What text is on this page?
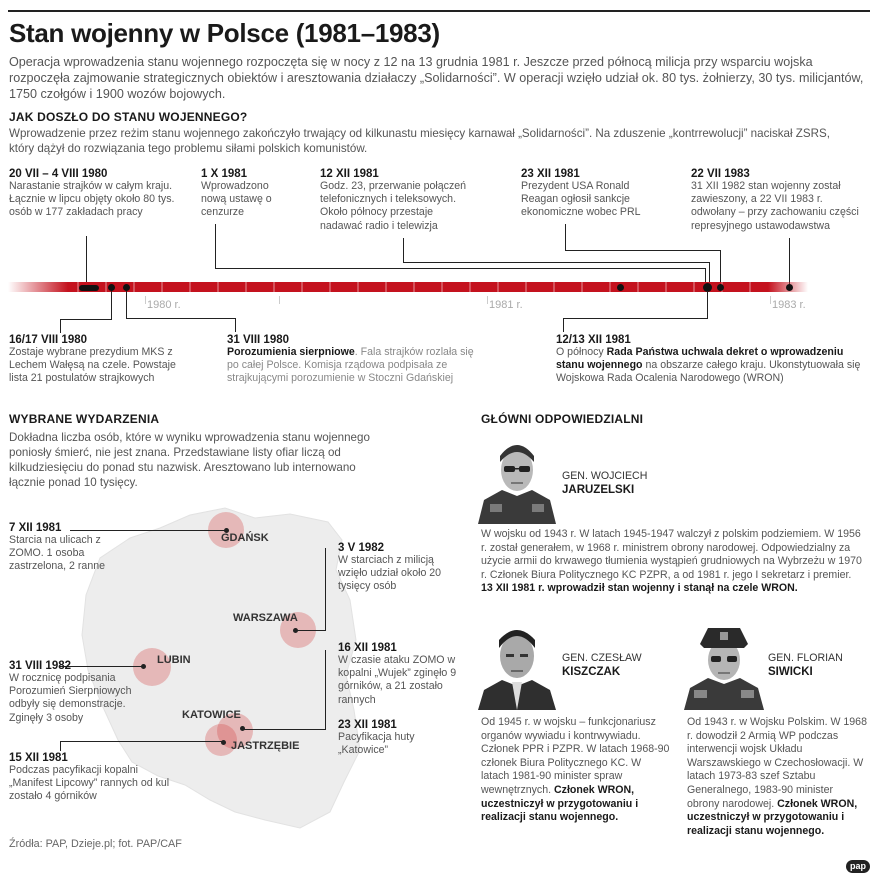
Stan wojenny w Polsce (1981–1983)
Operacja wprowadzenia stanu wojennego rozpoczęta się w nocy z 12 na 13 grudnia 1981 r. Jeszcze przed północą milicja przy wsparciu wojska rozpoczęła zajmowanie strategicznych obiektów i aresztowania działaczy „Solidarności”. W operacji wzięło udział ok. 80 tys. żołnierzy, 30 tys. milicjantów, 1750 czołgów i 1900 wozów bojowych.
JAK DOSZŁO DO STANU WOJENNEGO?
Wprowadzenie przez reżim stanu wojennego zakończyło trwający od kilkunastu miesięcy karnawał „Solidarności”. Na zduszenie „kontrrewolucji” naciskał ZSRS, który dążył do rozwiązania tego problemu siłami polskich komunistów.
20 VII – 4 VIII 1980
Narastanie strajków w całym kraju. Łącznie w lipcu objęty około 80 tys. osób w 177 zakładach pracy
1 X 1981
Wprowadzono nową ustawę o cenzurze
12 XII 1981
Godz. 23, przerwanie połączeń telefonicznych i teleksowych. Około północy przestaje nadawać radio i telewizja
23 XII 1981
Prezydent USA Ronald Reagan ogłosił sankcje ekonomiczne wobec PRL
22 VII 1983
31 XII 1982 stan wojenny został zawieszony, a 22 VII 1983 r. odwołany – przy zachowaniu części represyjnego ustawodawstwa
1980 r.	1981 r.	1983 r.
16/17 VIII 1980
Zostaje wybrane prezydium MKS z Lechem Wałęsą na czele. Powstaje lista 21 postulatów strajkowych
31 VIII 1980
Porozumienia sierpniowe. Fala strajków rozlała się po całej Polsce. Komisja rządowa podpisała ze strajkującymi porozumienie w Stoczni Gdańskiej
12/13 XII 1981
O północy Rada Państwa uchwala dekret o wprowadzeniu stanu wojennego na obszarze całego kraju. Ukonstytuowała się Wojskowa Rada Ocalenia Narodowego (WRON)
WYBRANE WYDARZENIA
Dokładna liczba osób, które w wyniku wprowadzenia stanu wojennego poniosły śmierć, nie jest znana. Przedstawiane listy ofiar liczą od kilkudziesięciu do ponad stu nazwisk. Aresztowano lub internowano łącznie ponad 10 tysięcy.
GDAŃSK
WARSZAWA
LUBIN
KATOWICE
JASTRZĘBIE
7 XII 1981
Starcia na ulicach z ZOMO. 1 osoba zastrzelona, 2 ranne
3 V 1982
W starciach z milicją wzięło udział około 20 tysięcy osób
31 VIII 1982
W rocznicę podpisania Porozumień Sierpniowych odbyły się demonstracje. Zginęły 3 osoby
16 XII 1981
W czasie ataku ZOMO w kopalni „Wujek” zginęło 9 górników, a 21 zostało rannych
23 XII 1981
Pacyfikacja huty „Katowice”
15 XII 1981
Podczas pacyfikacji kopalni „Manifest Lipcowy” rannych od kul zostało 4 górników
GŁÓWNI ODPOWIEDZIALNI
GEN. WOJCIECH
JARUZELSKI
W wojsku od 1943 r. W latach 1945-1947 walczył z polskim podziemiem. W 1956 r. został generałem, w 1968 r. ministrem obrony narodowej. Odpowiedzialny za użycie armii do krwawego tłumienia wystąpień grudniowych na Wybrzeżu w 1970 r. Członek Biura Politycznego KC PZPR, a od 1981 r. jego I sekretarz i premier.
13 XII 1981 r. wprowadził stan wojenny i stanął na czele WRON.
GEN. CZESŁAW
KISZCZAK
Od 1945 r. w wojsku – funkcjonariusz organów wywiadu i kontrwywiadu. Członek PPR i PZPR. W latach 1968-90 członek Biura Politycznego KC. W latach 1981-90 minister spraw wewnętrznych. Członek WRON, uczestniczył w przygotowaniu i realizacji stanu wojennego.
GEN. FLORIAN
SIWICKI
Od 1943 r. w Wojsku Polskim. W 1968 r. dowodził 2 Armią WP podczas interwencji wojsk Układu Warszawskiego w Czechosłowacji. W latach 1973-83 szef Sztabu Generalnego, 1983-90 minister obrony narodowej. Członek WRON, uczestniczył w przygotowaniu i realizacji stanu wojennego.
Źródła: PAP, Dzieje.pl; fot. PAP/CAF
pap
